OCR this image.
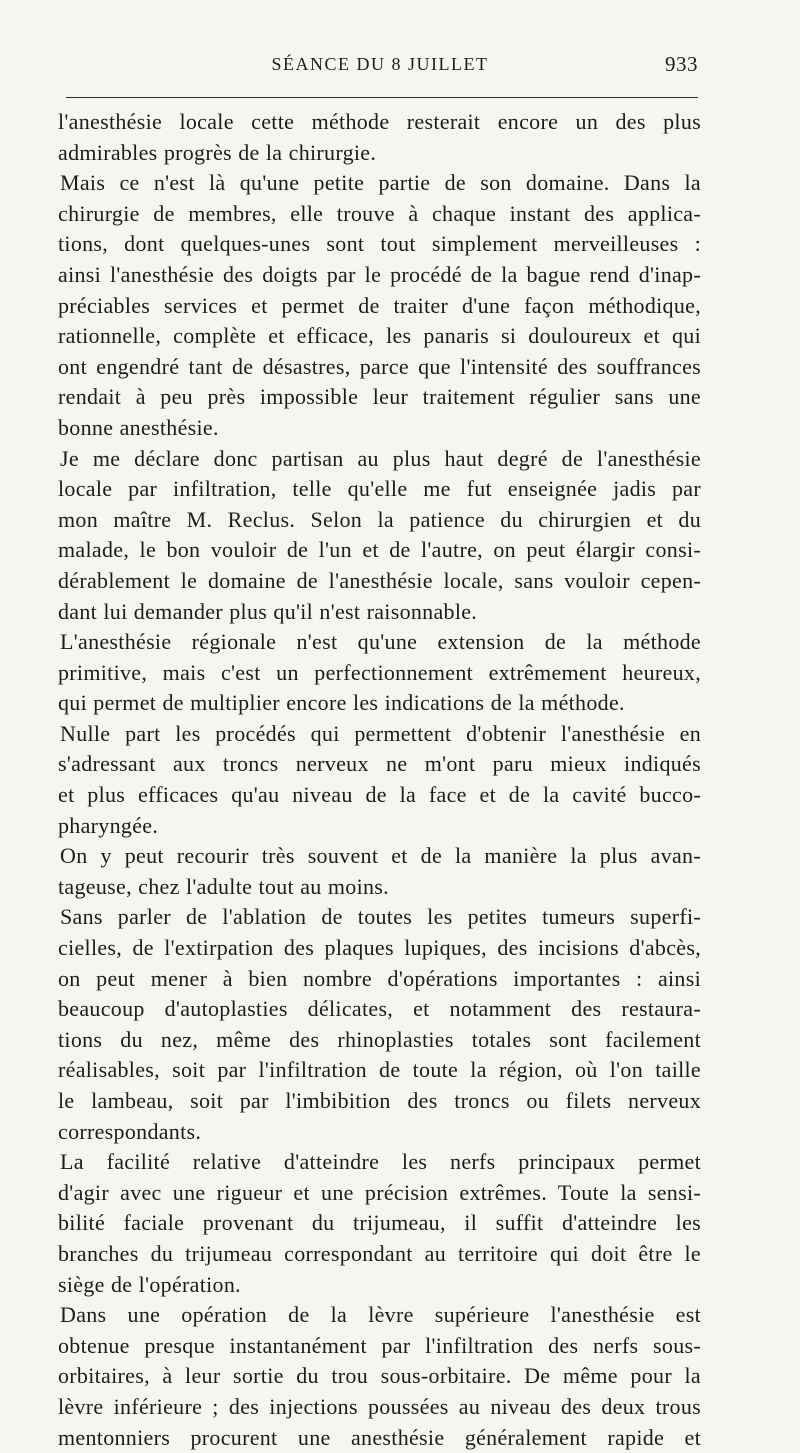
SÉANCE DU 8 JUILLET	933
l'anesthésie locale cette méthode resterait encore un des plus
admirables progrès de la chirurgie.
Mais ce n'est là qu'une petite partie de son domaine. Dans la
chirurgie de membres, elle trouve à chaque instant des applica-
tions, dont quelques-unes sont tout simplement merveilleuses :
ainsi l'anesthésie des doigts par le procédé de la bague rend d'inap-
préciables services et permet de traiter d'une façon méthodique,
rationnelle, complète et efficace, les panaris si douloureux et qui
ont engendré tant de désastres, parce que l'intensité des souffrances
rendait à peu près impossible leur traitement régulier sans une
bonne anesthésie.
Je me déclare donc partisan au plus haut degré de l'anesthésie
locale par infiltration, telle qu'elle me fut enseignée jadis par
mon maître M. Reclus. Selon la patience du chirurgien et du
malade, le bon vouloir de l'un et de l'autre, on peut élargir consi-
dérablement le domaine de l'anesthésie locale, sans vouloir cepen-
dant lui demander plus qu'il n'est raisonnable.
L'anesthésie régionale n'est qu'une extension de la méthode
primitive, mais c'est un perfectionnement extrêmement heureux,
qui permet de multiplier encore les indications de la méthode.
Nulle part les procédés qui permettent d'obtenir l'anesthésie en
s'adressant aux troncs nerveux ne m'ont paru mieux indiqués
et plus efficaces qu'au niveau de la face et de la cavité bucco-
pharyngée.
On y peut recourir très souvent et de la manière la plus avan-
tageuse, chez l'adulte tout au moins.
Sans parler de l'ablation de toutes les petites tumeurs superfi-
cielles, de l'extirpation des plaques lupiques, des incisions d'abcès,
on peut mener à bien nombre d'opérations importantes : ainsi
beaucoup d'autoplasties délicates, et notamment des restaura-
tions du nez, même des rhinoplasties totales sont facilement
réalisables, soit par l'infiltration de toute la région, où l'on taille
le lambeau, soit par l'imbibition des troncs ou filets nerveux
correspondants.
La facilité relative d'atteindre les nerfs principaux permet
d'agir avec une rigueur et une précision extrêmes. Toute la sensi-
bilité faciale provenant du trijumeau, il suffit d'atteindre les
branches du trijumeau correspondant au territoire qui doit être le
siège de l'opération.
Dans une opération de la lèvre supérieure l'anesthésie est
obtenue presque instantanément par l'infiltration des nerfs sous-
orbitaires, à leur sortie du trou sous-orbitaire. De même pour la
lèvre inférieure ; des injections poussées au niveau des deux trous
mentonniers procurent une anesthésie généralement rapide et
